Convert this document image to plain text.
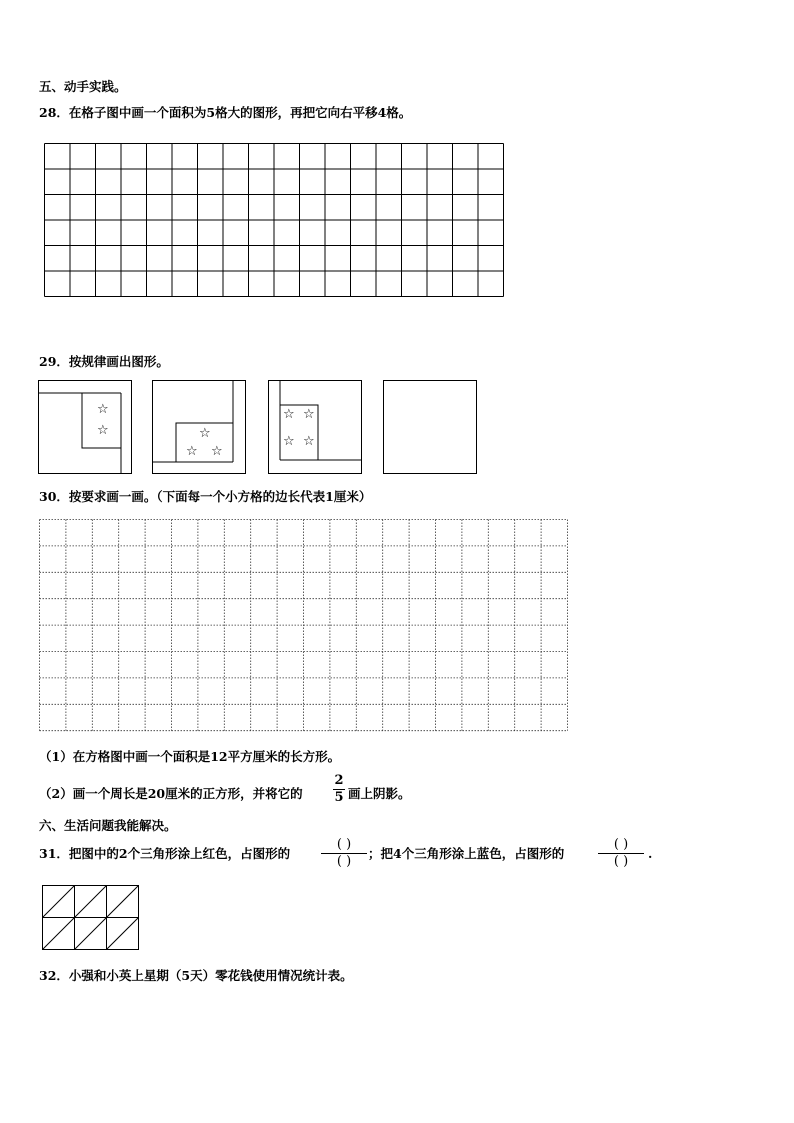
五、动手实践。
28．在格子图中画一个面积为5格大的图形，再把它向右平移4格。
29．按规律画出图形。
☆
☆	☆
☆ ☆
☆ ☆
☆ ☆
30．按要求画一画。（下面每一个小方格的边长代表1厘米）
（1）在方格图中画一个面积是12平方厘米的长方形。
（2）画一个周长是20厘米的正方形，并将它的
2
5 画上阴影。
六、生活问题我能解决。
31．把图中的2个三角形涂上红色，占图形的
( )
( )
；把4个三角形涂上蓝色，占图形的
( )
( )
.
32．小强和小英上星期（5天）零花钱使用情况统计表。
